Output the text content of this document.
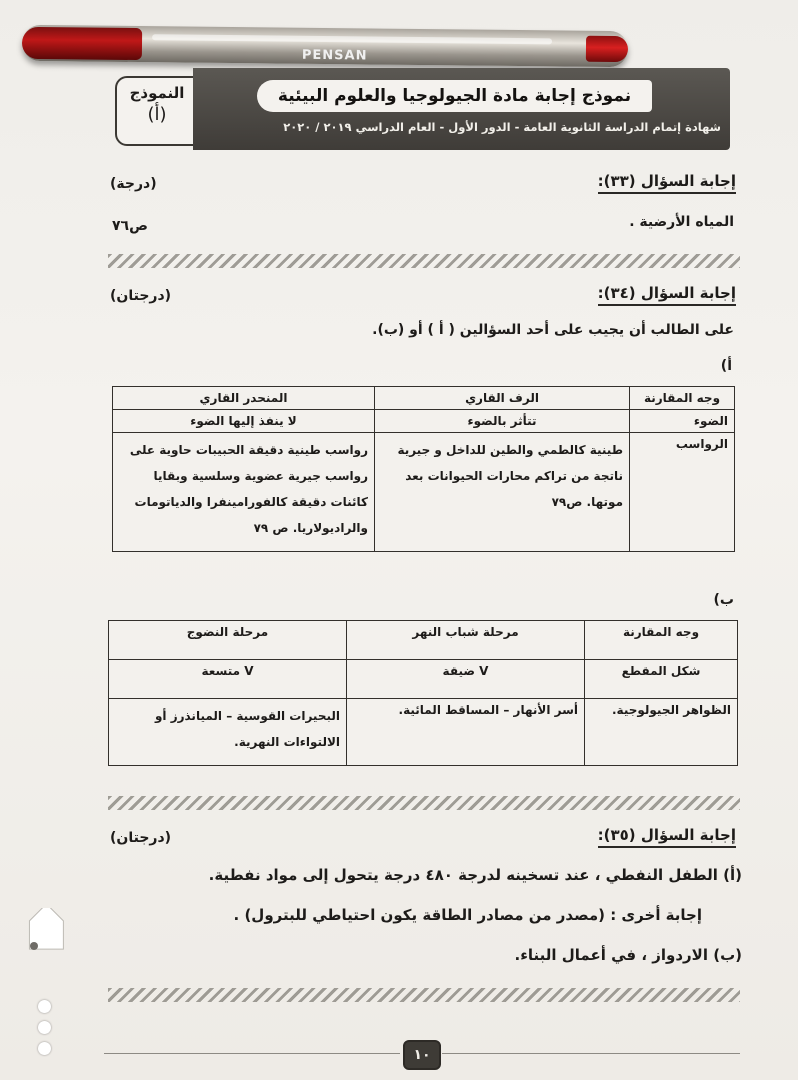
PENSAN
النموذج
(أ)
نموذج إجابة مادة الجيولوجيا والعلوم البيئية
شهادة إتمام الدراسة الثانوية العامة - الدور الأول - العام الدراسي ٢٠١٩ / ٢٠٢٠
إجابة السؤال (٣٣):
(درجة)
المياه الأرضية .
ص٧٦
إجابة السؤال (٣٤):
(درجتان)
على الطالب أن يجيب على أحد السؤالين ( أ ) أو (ب).
أ)
وجه المقارنة	الرف القاري	المنحدر القاري
الضوء	تتأثر بالضوء	لا ينفذ إليها الضوء
الرواسب	طينية كالطمي والطين للداخل و جيرية ناتجة من تراكم محارات الحيوانات بعد موتها. ص٧٩	رواسب طينية دقيقة الحبيبات حاوية على رواسب جيرية عضوية وسلسية وبقايا كائنات دقيقة كالفورامينفرا والدياتومات والراديولاريا. ص ٧٩
ب)
وجه المقارنة	مرحلة شباب النهر	مرحلة النضوج
شكل المقطع	V ضيقة	V متسعة
الظواهر الجيولوجية.	أسر الأنهار – المساقط المائية.	البحيرات القوسية – الميانذرز أو الالتواءات النهرية.
إجابة السؤال (٣٥):
(درجتان)
(أ) الطفل النفطي ، عند تسخينه لدرجة ٤٨٠ درجة يتحول إلى مواد نفطية.
إجابة أخرى : (مصدر من مصادر الطاقة يكون احتياطي للبترول) .
(ب) الاردواز ، في أعمال البناء.
١٠
